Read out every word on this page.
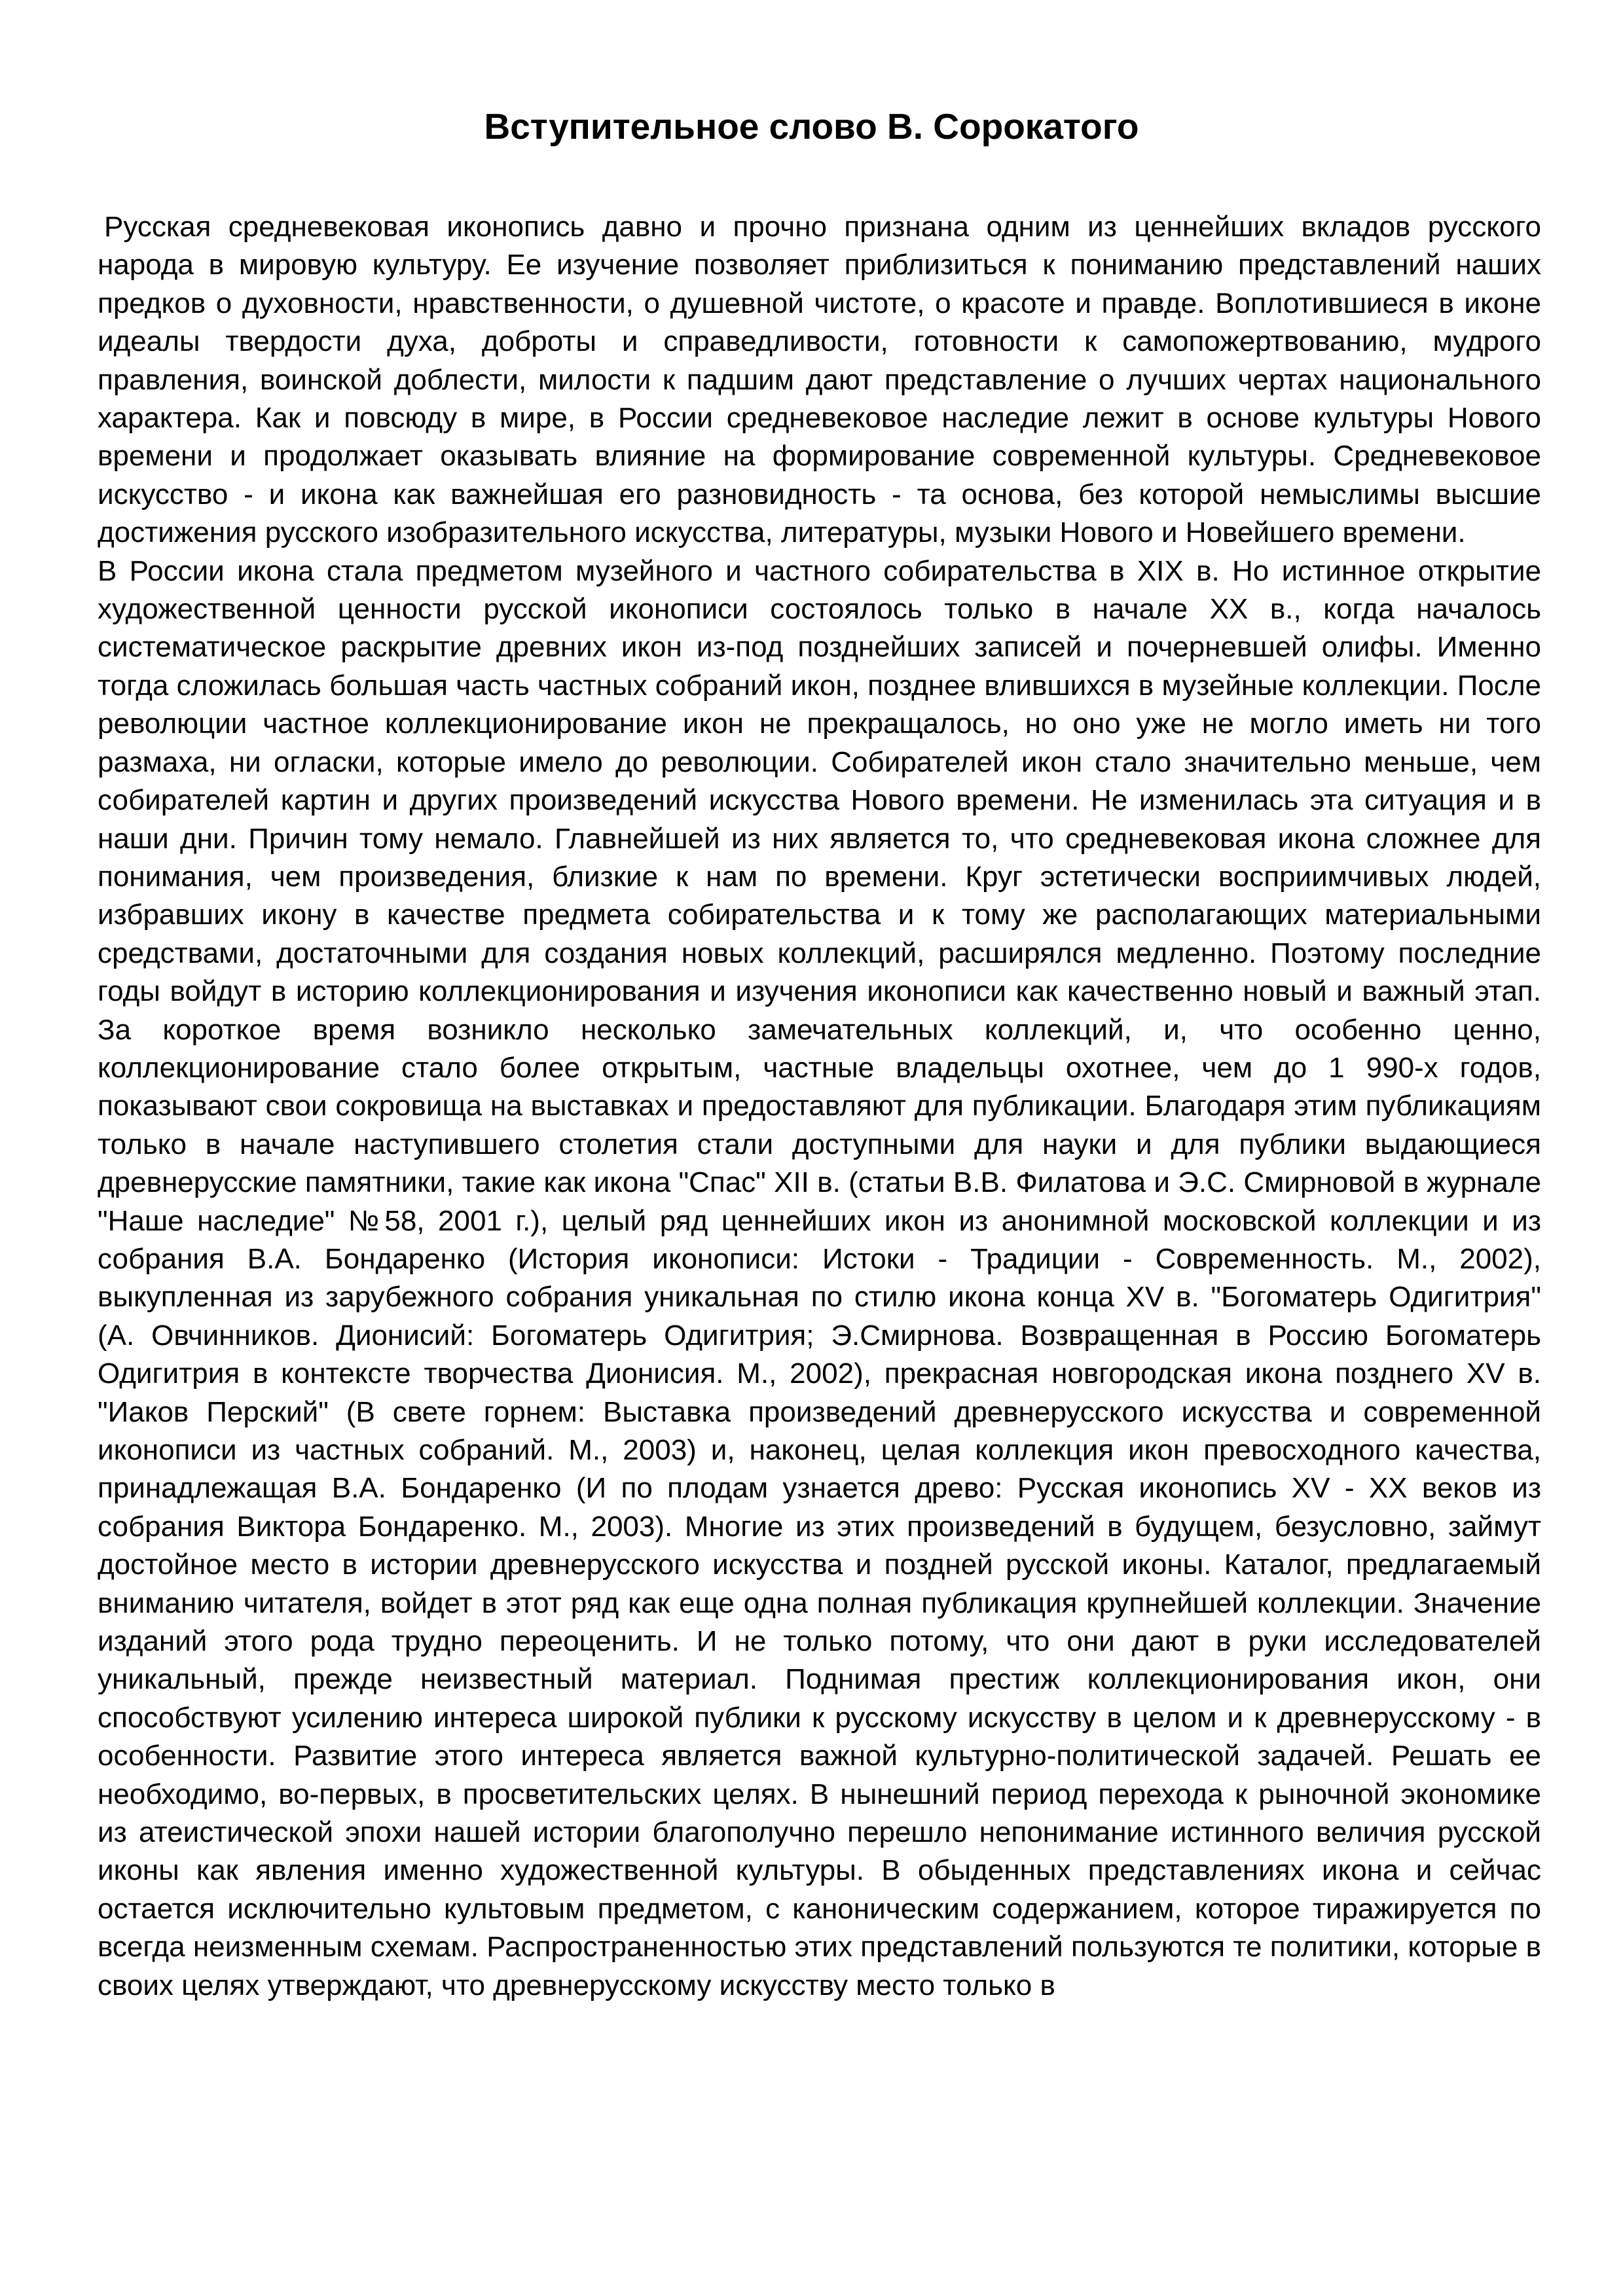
Вступительное слово В. Сорокатого

Русская средневековая иконопись давно и прочно признана одним из ценнейших вкладов русского народа в мировую культуру. Ее изучение позволяет приблизиться к пониманию представлений наших предков о духовности, нравственности, о душевной чистоте, о красоте и правде. Воплотившиеся в иконе идеалы твердости духа, доброты и справедливости, готовности к самопожертвованию, мудрого правления, воинской доблести, милости к падшим дают представление о лучших чертах национального характера. Как и повсюду в мире, в России средневековое наследие лежит в основе культуры Нового времени и продолжает оказывать влияние на формирование современной культуры. Средневековое искусство - и икона как важнейшая его разновидность - та основа, без которой немыслимы высшие достижения русского изобразительного искусства, литературы, музыки Нового и Новейшего времени.

В России икона стала предметом музейного и частного собирательства в XIX в. Но истинное открытие художественной ценности русской иконописи состоялось только в начале XX в., когда началось систематическое раскрытие древних икон из-под позднейших записей и почерневшей олифы. Именно тогда сложилась большая часть частных собраний икон, позднее влившихся в музейные коллекции. После революции частное коллекционирование икон не прекращалось, но оно уже не могло иметь ни того размаха, ни огласки, которые имело до революции. Собирателей икон стало значительно меньше, чем собирателей картин и других произведений искусства Нового времени. Не изменилась эта ситуация и в наши дни. Причин тому немало. Главнейшей из них является то, что средневековая икона сложнее для понимания, чем произведения, близкие к нам по времени. Круг эстетически восприимчивых людей, избравших икону в качестве предмета собирательства и к тому же располагающих материальными средствами, достаточными для создания новых коллекций, расширялся медленно. Поэтому последние годы войдут в историю коллекционирования и изучения иконописи как качественно новый и важный этап. За короткое время возникло несколько замечательных коллекций, и, что особенно ценно, коллекционирование стало более открытым, частные владельцы охотнее, чем до 1 990-х годов, показывают свои сокровища на выставках и предоставляют для публикации. Благодаря этим публикациям только в начале наступившего столетия стали доступными для науки и для публики выдающиеся древнерусские памятники, такие как икона "Спас" XII в. (статьи В.В. Филатова и Э.С. Смирновой в журнале "Наше наследие" №58, 2001 г.), целый ряд ценнейших икон из анонимной московской коллекции и из собрания В.А. Бондаренко (История иконописи: Истоки - Традиции - Современность. М., 2002), выкупленная из зарубежного собрания уникальная по стилю икона конца XV в. "Богоматерь Одигитрия" (А. Овчинников. Дионисий: Богоматерь Одигитрия; Э.Смирнова. Возвращенная в Россию Богоматерь Одигитрия в контексте творчества Дионисия. М., 2002), прекрасная новгородская икона позднего XV в. "Иаков Перский" (В свете горнем: Выставка произведений древнерусского искусства и современной иконописи из частных собраний. М., 2003) и, наконец, целая коллекция икон превосходного качества, принадлежащая В.А. Бондаренко (И по плодам узнается древо: Русская иконопись XV - XX веков из собрания Виктора Бондаренко. М., 2003). Многие из этих произведений в будущем, безусловно, займут достойное место в истории древнерусского искусства и поздней русской иконы. Каталог, предлагаемый вниманию читателя, войдет в этот ряд как еще одна полная публикация крупнейшей коллекции. Значение изданий этого рода трудно переоценить. И не только потому, что они дают в руки исследователей уникальный, прежде неизвестный материал. Поднимая престиж коллекционирования икон, они способствуют усилению интереса широкой публики к русскому искусству в целом и к древнерусскому - в особенности. Развитие этого интереса является важной культурно-политической задачей. Решать ее необходимо, во-первых, в просветительских целях. В нынешний период перехода к рыночной экономике из атеистической эпохи нашей истории благополучно перешло непонимание истинного величия русской иконы как явления именно художественной культуры. В обыденных представлениях икона и сейчас остается исключительно культовым предметом, с каноническим содержанием, которое тиражируется по всегда неизменным схемам. Распространенностью этих представлений пользуются те политики, которые в своих целях утверждают, что древнерусскому искусству место только в
